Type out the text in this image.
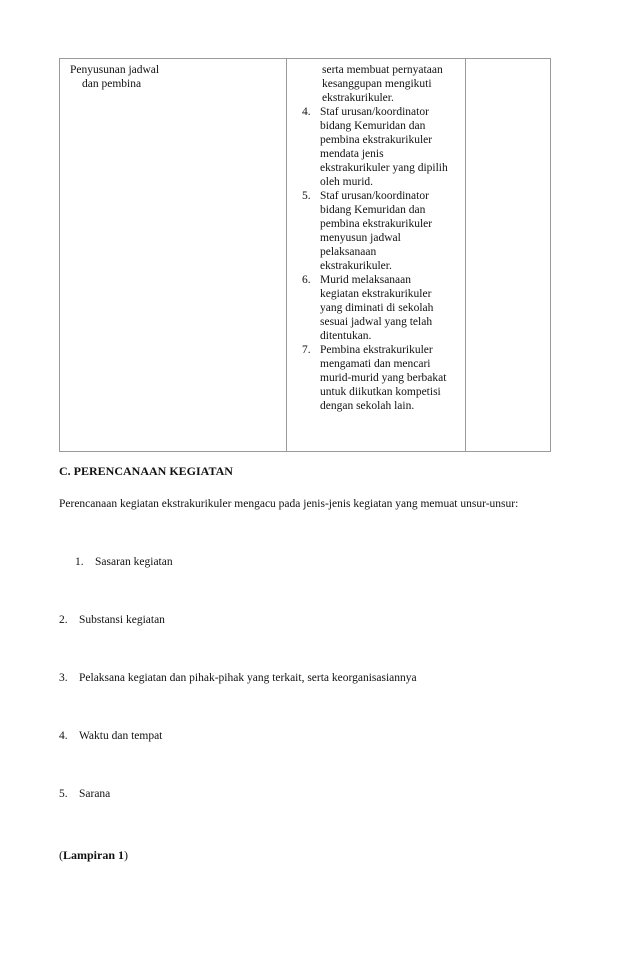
Penyusunan jadwal
dan pembina
serta membuat pernyataan
kesanggupan mengikuti
ekstrakurikuler.
4. Staf urusan/koordinator
bidang Kemuridan dan
pembina ekstrakurikuler
mendata jenis
ekstrakurikuler yang dipilih
oleh murid.
5. Staf urusan/koordinator
bidang Kemuridan dan
pembina ekstrakurikuler
menyusun jadwal
pelaksanaan
ekstrakurikuler.
6. Murid melaksanaan
kegiatan ekstrakurikuler
yang diminati di sekolah
sesuai jadwal yang telah
ditentukan.
7. Pembina ekstrakurikuler
mengamati dan mencari
murid-murid yang berbakat
untuk diikutkan kompetisi
dengan sekolah lain.
C. PERENCANAAN KEGIATAN
Perencanaan kegiatan ekstrakurikuler mengacu pada jenis-jenis kegiatan yang memuat unsur-unsur:
1. Sasaran kegiatan
2. Substansi kegiatan
3. Pelaksana kegiatan dan pihak-pihak yang terkait, serta keorganisasiannya
4. Waktu dan tempat
5. Sarana
(Lampiran 1)
